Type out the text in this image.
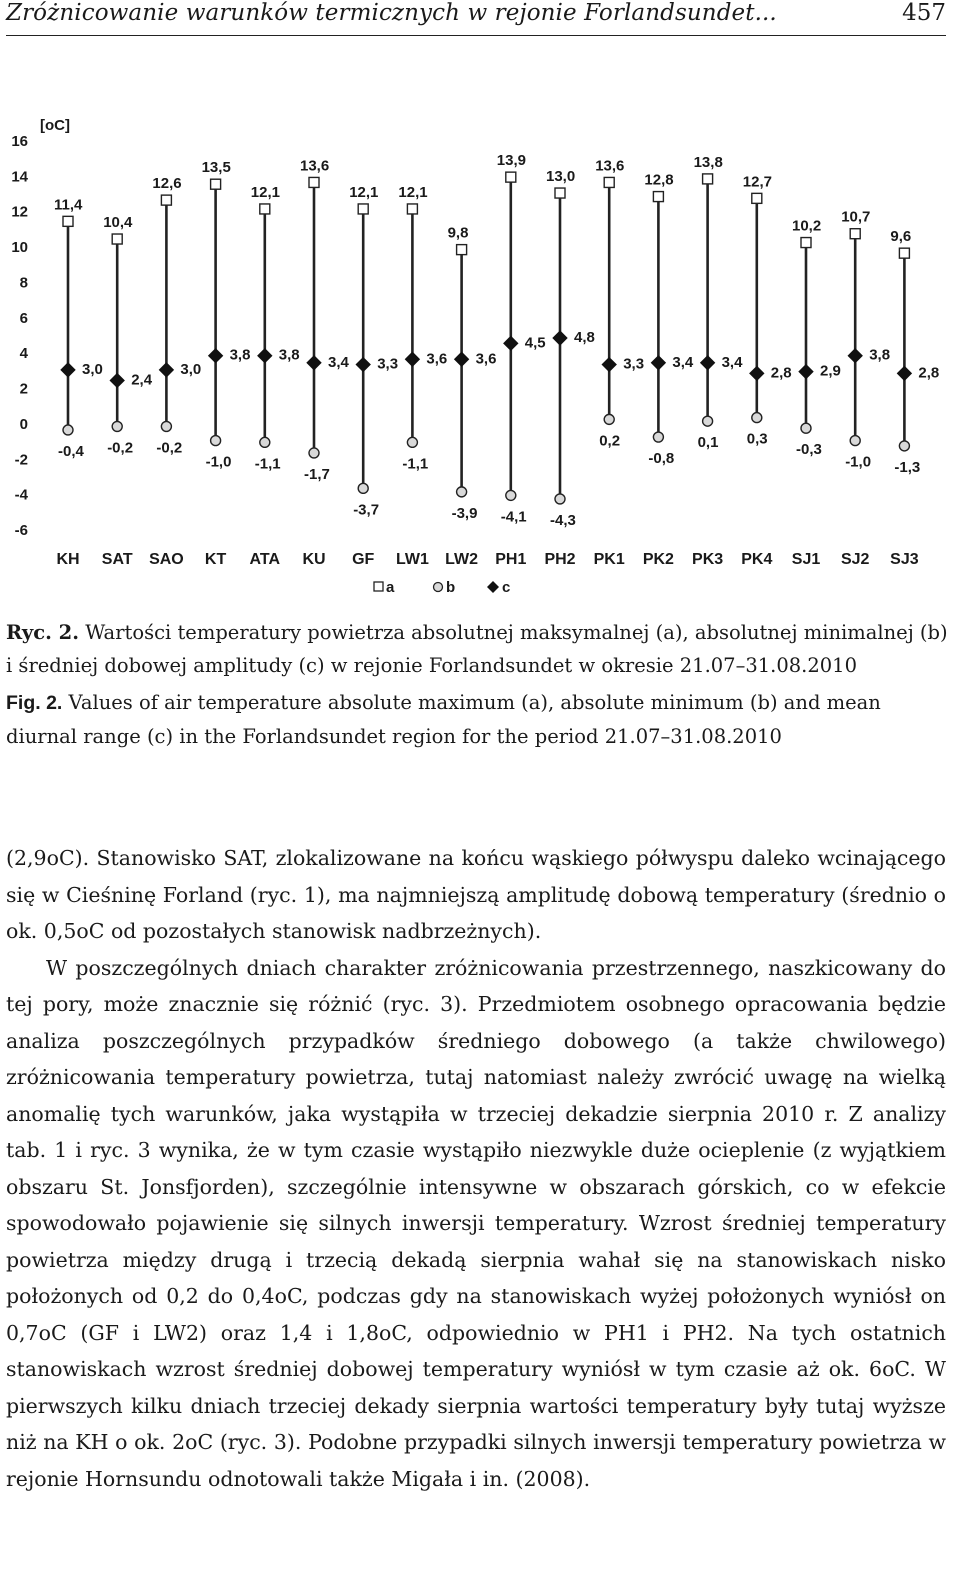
Zróżnicowanie warunków termicznych w rejonie Forlandsundet...	457
[oC]
16
14
12
10
8
6
4
2
0
-2
-4
-6
11,4
-0,4
3,0
10,4
-0,2
2,4
12,6
-0,2
3,0
13,5
-1,0
3,8
12,1
-1,1
3,8
13,6
-1,7
3,4
12,1
-3,7
3,3
12,1
-1,1
3,6
9,8
-3,9
3,6
13,9
-4,1
4,5
13,0
-4,3
4,8
13,6
0,2
3,3
12,8
-0,8
3,4
13,8
0,1
3,4
12,7
0,3
2,8
10,2
-0,3
2,9
10,7
-1,0
3,8
9,6
-1,3
2,8
KH SAT SAO KT ATA KU GF LW1 LW2 PH1 PH2 PK1 PK2 PK3 PK4 SJ1 SJ2 SJ3
a	b	c
Ryc. 2. Wartości temperatury powietrza absolutnej maksymalnej (a), absolutnej minimalnej (b) i średniej dobowej amplitudy (c) w rejonie Forlandsundet w okresie 21.07–31.08.2010
Fig. 2. Values of air temperature absolute maximum (a), absolute minimum (b) and mean diurnal range (c) in the Forlandsundet region for the period 21.07–31.08.2010

(2,9oC). Stanowisko SAT, zlokalizowane na końcu wąskiego półwyspu daleko wcinającego się w Cieśninę Forland (ryc. 1), ma najmniejszą amplitudę dobową temperatury (średnio o ok. 0,5oC od pozostałych stanowisk nadbrzeżnych).

W poszczególnych dniach charakter zróżnicowania przestrzennego, naszkicowany do tej pory, może znacznie się różnić (ryc. 3). Przedmiotem osobnego opracowania będzie analiza poszczególnych przypadków średniego dobowego (a także chwilowego) zróżnicowania temperatury powietrza, tutaj natomiast należy zwrócić uwagę na wielką anomalię tych warunków, jaka wystąpiła w trzeciej dekadzie sierpnia 2010 r. Z analizy tab. 1 i ryc. 3 wynika, że w tym czasie wystąpiło niezwykle duże ocieplenie (z wyjątkiem obszaru St. Jonsfjorden), szczególnie intensywne w obszarach górskich, co w efekcie spowodowało pojawienie się silnych inwersji temperatury. Wzrost średniej temperatury powietrza między drugą i trzecią dekadą sierpnia wahał się na stanowiskach nisko położonych od 0,2 do 0,4oC, podczas gdy na stanowiskach wyżej położonych wyniósł on 0,7oC (GF i LW2) oraz 1,4 i 1,8oC, odpowiednio w PH1 i PH2. Na tych ostatnich stanowiskach wzrost średniej dobowej temperatury wyniósł w tym czasie aż ok. 6oC. W pierwszych kilku dniach trzeciej dekady sierpnia wartości temperatury były tutaj wyższe niż na KH o ok. 2oC (ryc. 3). Podobne przypadki silnych inwersji temperatury powietrza w rejonie Hornsundu odnotowali także Migała i in. (2008).
